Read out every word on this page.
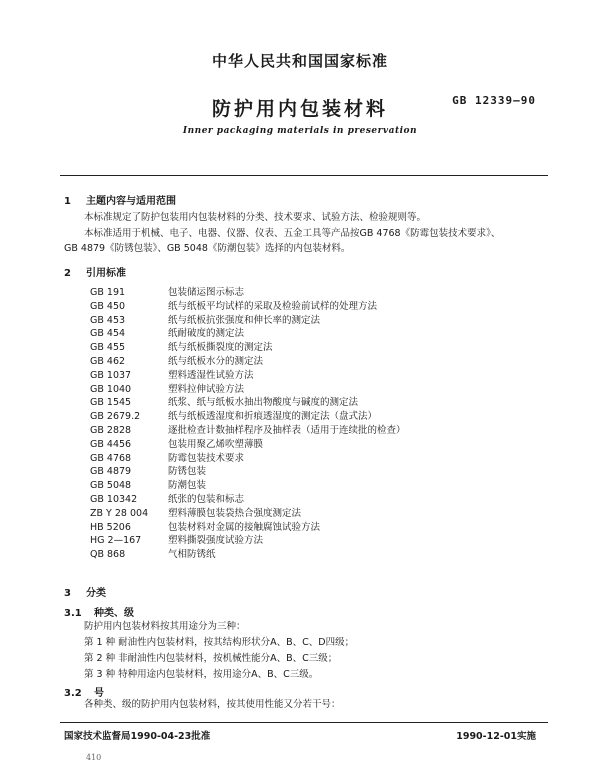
中华人民共和国国家标准
防护用内包装材料	GB 12339—90
Inner packaging materials in preservation
1 主题内容与适用范围
本标准规定了防护包装用内包装材料的分类、技术要求、试验方法、检验规则等。
本标准适用于机械、电子、电器、仪器、仪表、五金工具等产品按GB 4768《防霉包装技术要求》、
GB 4879《防锈包装》、GB 5048《防潮包装》选择的内包装材料。
2 引用标准
GB 191	包装储运图示标志
GB 450	纸与纸板平均试样的采取及检验前试样的处理方法
GB 453	纸与纸板抗张强度和伸长率的测定法
GB 454	纸耐破度的测定法
GB 455	纸与纸板撕裂度的测定法
GB 462	纸与纸板水分的测定法
GB 1037	塑料透湿性试验方法
GB 1040	塑料拉伸试验方法
GB 1545	纸浆、纸与纸板水抽出物酸度与碱度的测定法
GB 2679.2	纸与纸板透湿度和折痕透湿度的测定法（盘式法）
GB 2828	逐批检查计数抽样程序及抽样表（适用于连续批的检查）
GB 4456	包装用聚乙烯吹塑薄膜
GB 4768	防霉包装技术要求
GB 4879	防锈包装
GB 5048	防潮包装
GB 10342	纸张的包装和标志
ZB Y 28 004 塑料薄膜包装袋热合强度测定法
HB 5206	包装材料对金属的接触腐蚀试验方法
HG 2—167	塑料撕裂强度试验方法
QB 868	气相防锈纸
3 分类
3.1 种类、级
防护用内包装材料按其用途分为三种：
第 1 种 耐油性内包装材料，按其结构形状分A、B、C、D四级；
第 2 种 非耐油性内包装材料，按机械性能分A、B、C三级；
第 3 种 特种用途内包装材料，按用途分A、B、C三级。
3.2 号
各种类、级的防护用内包装材料，按其使用性能又分若干号：
国家技术监督局1990-04-23批准	1990-12-01实施
410
